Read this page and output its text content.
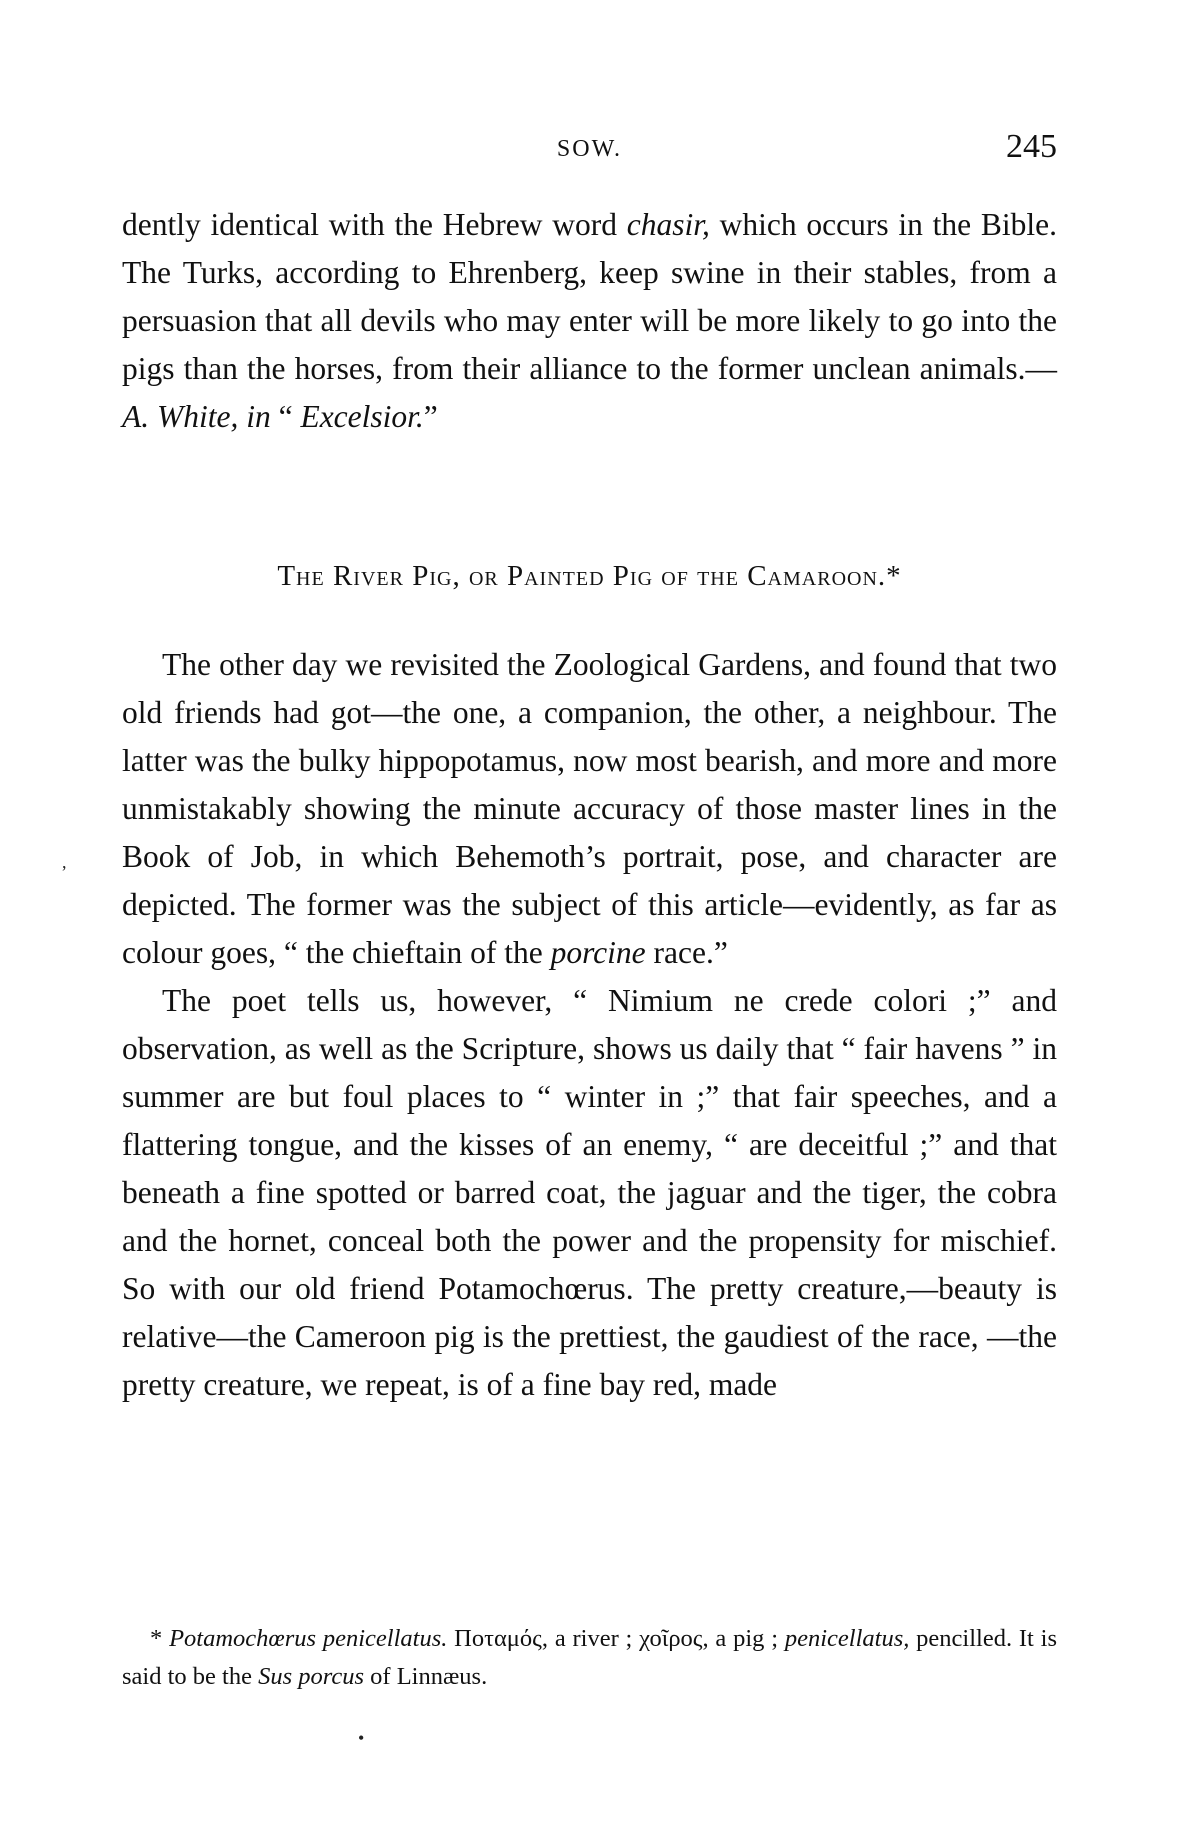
SOW.	245

dently identical with the Hebrew word chasir, which occurs in the Bible. The Turks, according to Ehrenberg, keep swine in their stables, from a persuasion that all devils who may enter will be more likely to go into the pigs than the horses, from their alliance to the former unclean animals.—A. White, in “ Excelsior.”

The River Pig, or Painted Pig of the Camaroon.*

The other day we revisited the Zoological Gardens, and found that two old friends had got—the one, a companion, the other, a neighbour. The latter was the bulky hippopotamus, now most bearish, and more and more unmistakably showing the minute accuracy of those master lines in the Book of Job, in which Behemoth’s portrait, pose, and character are depicted. The former was the subject of this article—evidently, as far as colour goes, “ the chieftain of the porcine race.”

The poet tells us, however, “ Nimium ne crede colori ;” and observation, as well as the Scripture, shows us daily that “ fair havens ” in summer are but foul places to “ winter in ;” that fair speeches, and a flattering tongue, and the kisses of an enemy, “ are deceitful ;” and that beneath a fine spotted or barred coat, the jaguar and the tiger, the cobra and the hornet, conceal both the power and the propensity for mischief. So with our old friend Potamochœrus. The pretty creature,—beauty is relative—the Cameroon pig is the prettiest, the gaudiest of the race, —the pretty creature, we repeat, is of a fine bay red, made

* Potamochœrus penicellatus. Ποταμός, a river ; χοῖρος, a pig ; penicellatus, pencilled. It is said to be the Sus porcus of Linnæus.

,
•
